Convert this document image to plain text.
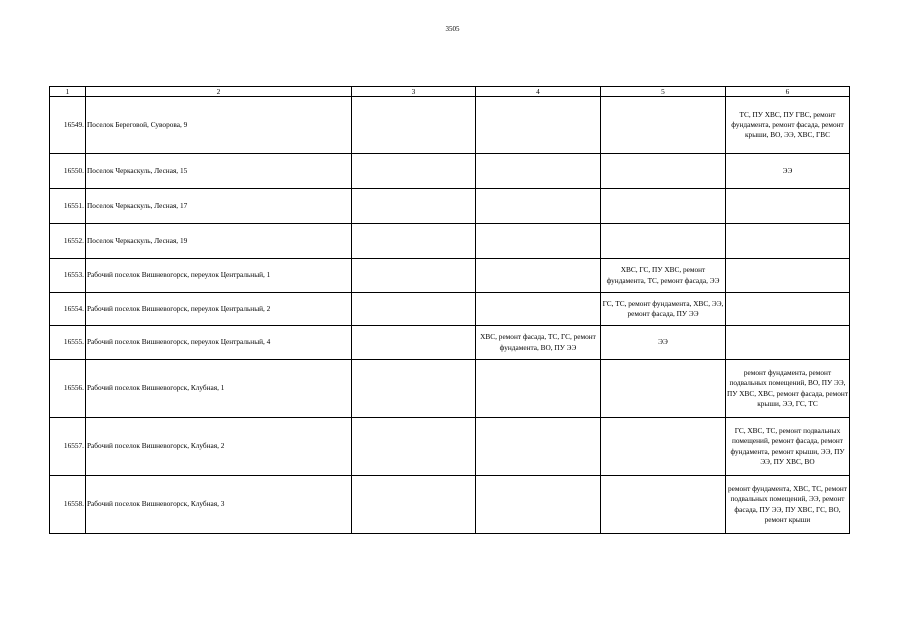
3505
1	2	3	4	5	6
16549.	Поселок Береговой, Суворова, 9				ТС, ПУ ХВС, ПУ ГВС, ремонт фундамента, ремонт фасада, ремонт крыши, ВО, ЭЭ, ХВС, ГВС
16550.	Поселок Черкаскуль, Лесная, 15				ЭЭ
16551.	Поселок Черкаскуль, Лесная, 17				
16552.	Поселок Черкаскуль, Лесная, 19				
16553.	Рабочий поселок Вишневогорск, переулок Центральный, 1			ХВС, ГС, ПУ ХВС, ремонт фундамента, ТС, ремонт фасада, ЭЭ	
16554.	Рабочий поселок Вишневогорск, переулок Центральный, 2			ГС, ТС, ремонт фундамента, ХВС, ЭЭ, ремонт фасада, ПУ ЭЭ	
16555.	Рабочий поселок Вишневогорск, переулок Центральный, 4		ХВС, ремонт фасада, ТС, ГС, ремонт фундамента, ВО, ПУ ЭЭ	ЭЭ	
16556.	Рабочий поселок Вишневогорск, Клубная, 1				ремонт фундамента, ремонт подвальных помещений, ВО, ПУ ЭЭ, ПУ ХВС, ХВС, ремонт фасада, ремонт крыши, ЭЭ, ГС, ТС
16557.	Рабочий поселок Вишневогорск, Клубная, 2				ГС, ХВС, ТС, ремонт подвальных помещений, ремонт фасада, ремонт фундамента, ремонт крыши, ЭЭ, ПУ ЭЭ, ПУ ХВС, ВО
16558.	Рабочий поселок Вишневогорск, Клубная, 3				ремонт фундамента, ХВС, ТС, ремонт подвальных помещений, ЭЭ, ремонт фасада, ПУ ЭЭ, ПУ ХВС, ГС, ВО, ремонт крыши
